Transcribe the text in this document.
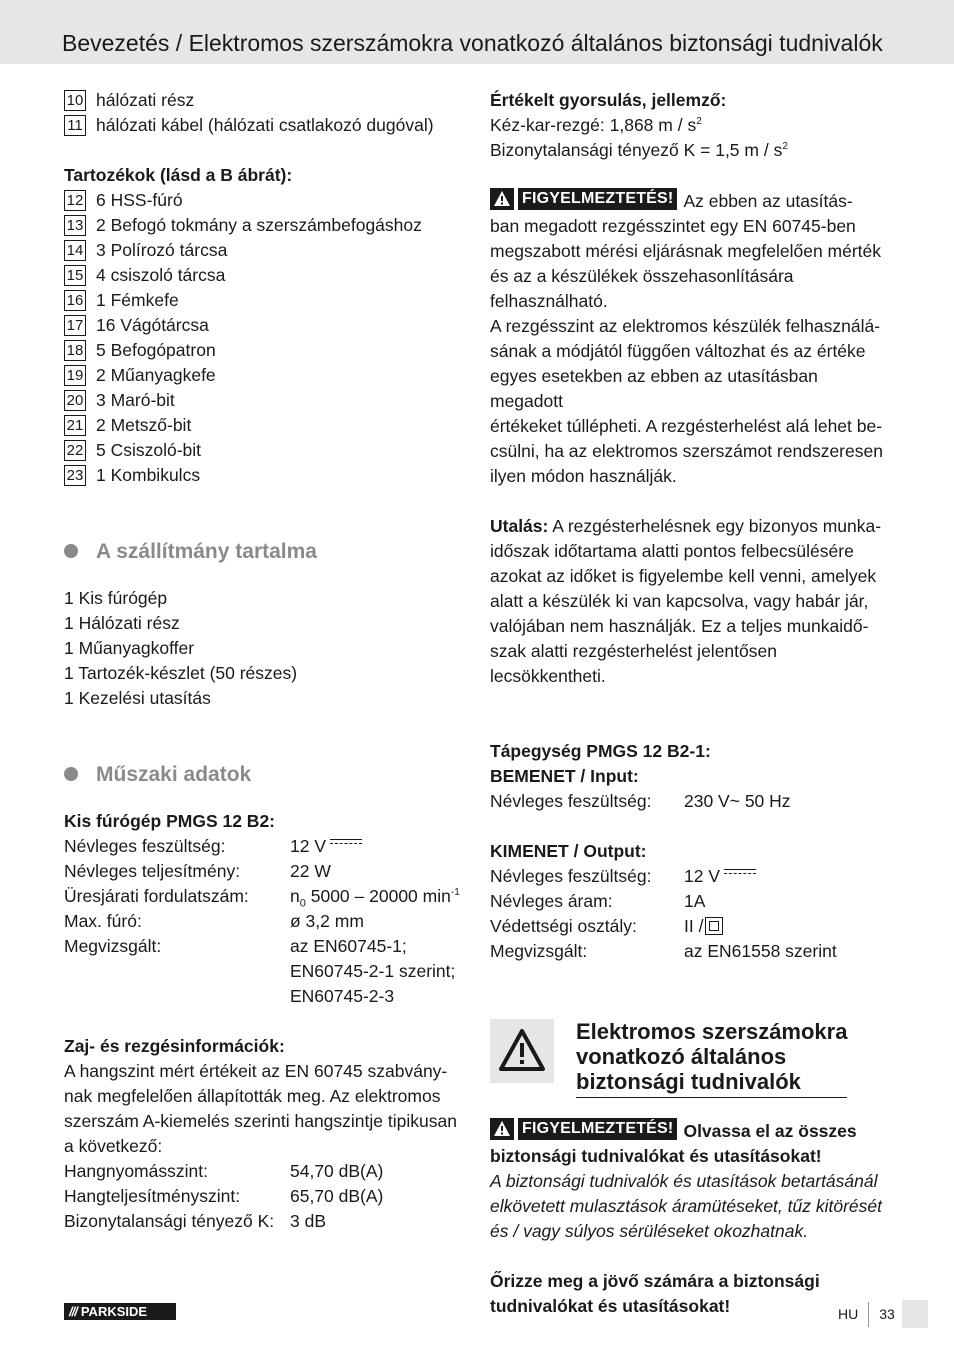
Bevezetés / Elektromos szerszámokra vonatkozó általános biztonsági tudnivalók
10 hálózati rész
11 hálózati kábel (hálózati csatlakozó dugóval)
Tartozékok (lásd a B ábrát):
12 6 HSS-fúró
13 2 Befogó tokmány a szerszámbefogáshoz
14 3 Polírozó tárcsa
15 4 csiszoló tárcsa
16 1 Fémkefe
17 16 Vágótárcsa
18 5 Befogópatron
19 2 Műanyagkefe
20 3 Maró-bit
21 2 Metsző-bit
22 5 Csiszoló-bit
23 1 Kombikulcs
A szállítmány tartalma
1 Kis fúrógép
1 Hálózati rész
1 Műanyagkoffer
1 Tartozék-készlet (50 részes)
1 Kezelési utasítás
Műszaki adatok
Kis fúrógép PMGS 12 B2:
Névleges feszültség:	12 V
Névleges teljesítmény:	22 W
Üresjárati fordulatszám:	$n_0$ 5000 – 20000 $\min^{-1}$
Max. fúró:	ø 3,2 mm
Megvizsgált:	az EN60745-1;
EN60745-2-1 szerint;
EN60745-2-3
Zaj- és rezgésinformációk:
A hangszint mért értékeit az EN 60745 szabvány-
nak megfelelően állapították meg. Az elektromos
szerszám A-kiemelés szerinti hangszintje tipikusan
a következő:
Hangnyomásszint:	54,70 dB(A)
Hangteljesítményszint:	65,70 dB(A)
Bizonytalansági tényező K: 3 dB
Értékelt gyorsulás, jellemző:
Kéz-kar-rezgé: 1,868 m / $s^2$
Bizonytalansági tényező K = 1,5 m / $s^2$
FIGYELMEZTETÉS! Az ebben az utasítás-
ban megadott rezgésszintet egy EN 60745-ben
megszabott mérési eljárásnak megfelelően mérték
és az a készülékek összehasonlítására felhasználható.
A rezgésszint az elektromos készülék felhasználá-
sának a módjától függően változhat és az értéke
egyes esetekben az ebben az utasításban megadott
értékeket túllépheti. A rezgésterhelést alá lehet be-
csülni, ha az elektromos szerszámot rendszeresen
ilyen módon használják.
Utalás: A rezgésterhelésnek egy bizonyos munka-
időszak időtartama alatti pontos felbecsülésére
azokat az időket is figyelembe kell venni, amelyek
alatt a készülék ki van kapcsolva, vagy habár jár,
valójában nem használják. Ez a teljes munkaidő-
szak alatti rezgésterhelést jelentősen lecsökkentheti.
Tápegység PMGS 12 B2-1:
BEMENET / Input:
Névleges feszültség:	230 V~ 50 Hz
KIMENET / Output:
Névleges feszültség:	12 V
Névleges áram:	1A
Védettségi osztály:	II /
Megvizsgált:	az EN61558 szerint
Elektromos szerszámokra
vonatkozó általános
biztonsági tudnivalók
FIGYELMEZTETÉS! Olvassa el az összes
biztonsági tudnivalókat és utasításokat!
A biztonsági tudnivalók és utasítások betartásánál
elkövetett mulasztások áramütéseket, tűz kitörését
és / vagy súlyos sérüléseket okozhatnak.
Őrizze meg a jövő számára a biztonsági
tudnivalókat és utasításokat!
/// PARKSIDE	HU 33
